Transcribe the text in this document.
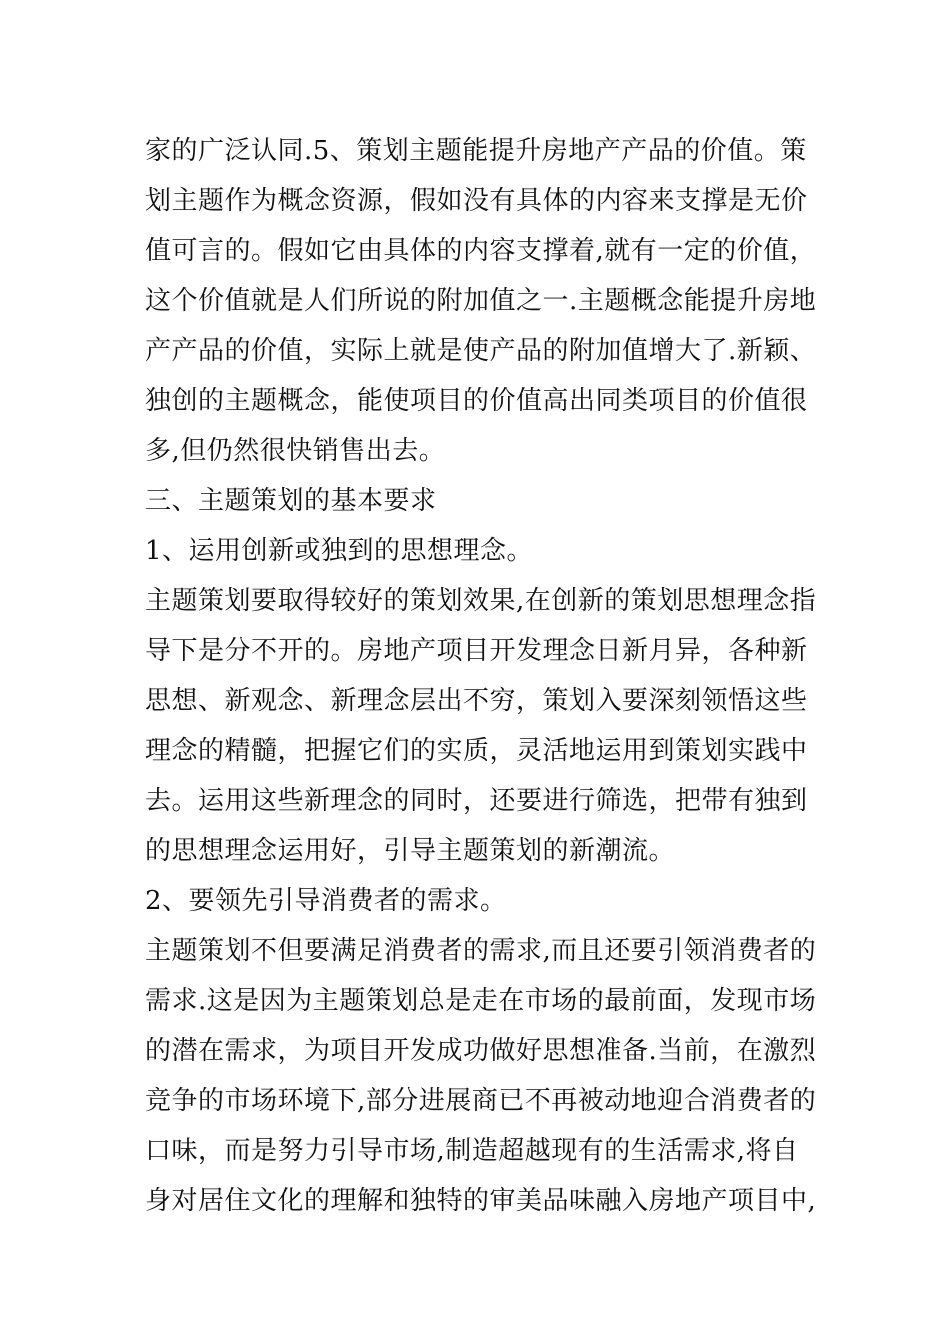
家的广泛认同.5、策划主题能提升房地产产品的价值。策
划主题作为概念资源，假如没有具体的内容来支撑是无价
值可言的。假如它由具体的内容支撑着,就有一定的价值，
这个价值就是人们所说的附加值之一.主题概念能提升房地
产产品的价值，实际上就是使产品的附加值增大了.新颖、
独创的主题概念，能使项目的价值高出同类项目的价值很
多,但仍然很快销售出去。
三、主题策划的基本要求
1、运用创新或独到的思想理念。
主题策划要取得较好的策划效果,在创新的策划思想理念指
导下是分不开的。房地产项目开发理念日新月异，各种新
思想、新观念、新理念层出不穷，策划入要深刻领悟这些
理念的精髓，把握它们的实质，灵活地运用到策划实践中
去。运用这些新理念的同时，还要进行筛选，把带有独到
的思想理念运用好，引导主题策划的新潮流。
2、要领先引导消费者的需求。
主题策划不但要满足消费者的需求,而且还要引领消费者的
需求.这是因为主题策划总是走在市场的最前面，发现市场
的潜在需求，为项目开发成功做好思想准备.当前，在激烈
竞争的市场环境下,部分进展商已不再被动地迎合消费者的
口味，而是努力引导市场,制造超越现有的生活需求,将自
身对居住文化的理解和独特的审美品味融入房地产项目中,
